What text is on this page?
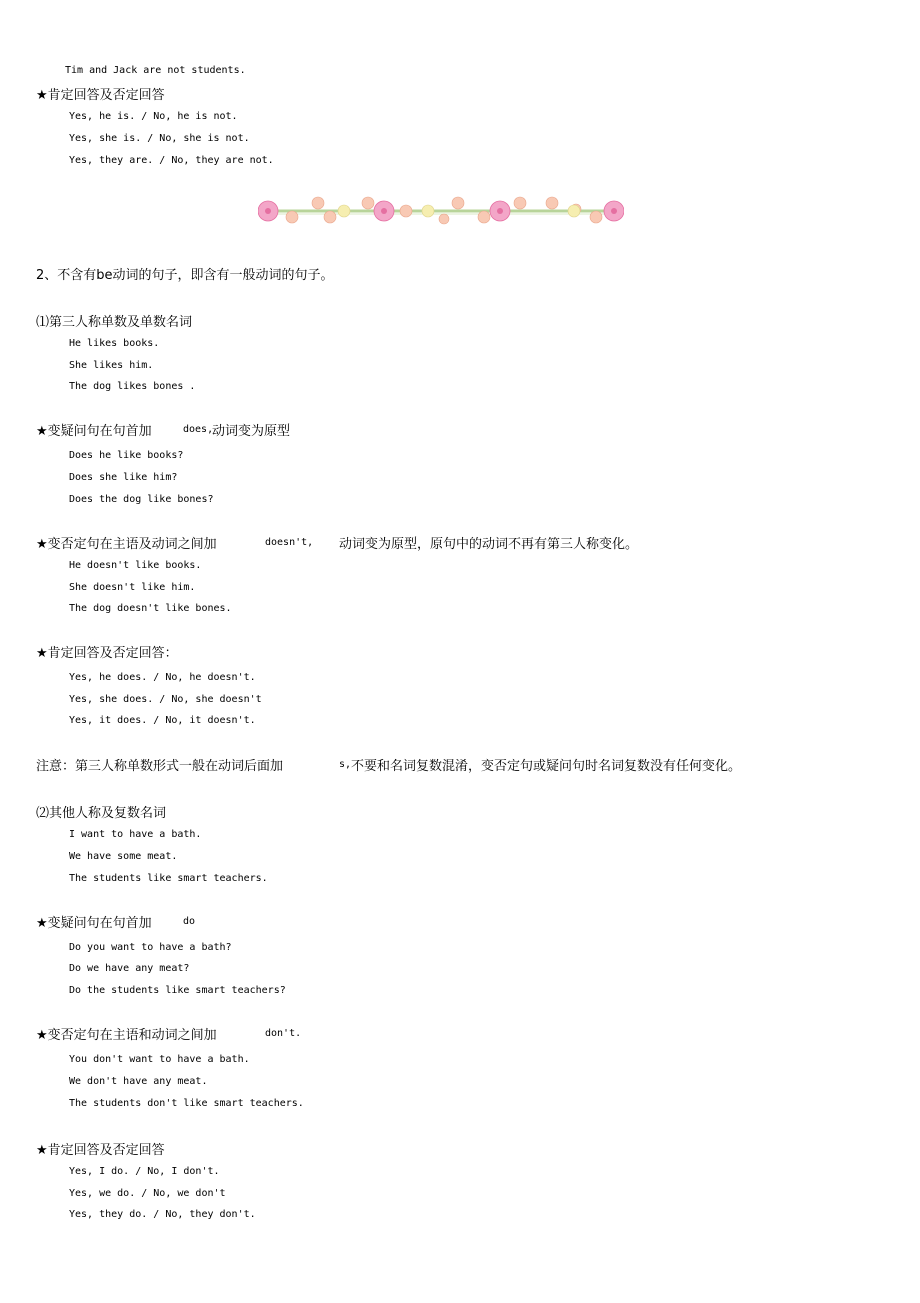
Tim and Jack are not students.
★肯定回答及否定回答
Yes, he is. / No, he is not.
Yes, she is. / No, she is not.
Yes, they are. / No, they are not.
2、不含有be动词的句子，即含有一般动词的句子。
⑴第三人称单数及单数名词
He likes books.
She likes him.
The dog likes bones .
★变疑问句在句首加	does,
动词变为原型
Does he like books?
Does she like him?
Does the dog like bones?
★变否定句在主语及动词之间加	doesn't, 动词变为原型，原句中的动词不再有第三人称变化。
He doesn't like books.
She doesn't like him.
The dog doesn't like bones.
★肯定回答及否定回答：
Yes, he does. / No, he doesn't.
Yes, she does. / No, she doesn't
Yes, it does. / No, it doesn't.
注意：第三人称单数形式一般在动词后面加	s, 不要和名词复数混淆，变否定句或疑问句时名词复数没有任何变化。
⑵其他人称及复数名词
I want to have a bath.
We have some meat.
The students like smart teachers.
★变疑问句在句首加	do
Do you want to have a bath?
Do we have any meat?
Do the students like smart teachers?
★变否定句在主语和动词之间加	don't.
You don't want to have a bath.
We don't have any meat.
The students don't like smart teachers.
★肯定回答及否定回答
Yes, I do. / No, I don't.
Yes, we do. / No, we don't
Yes, they do. / No, they don't.
